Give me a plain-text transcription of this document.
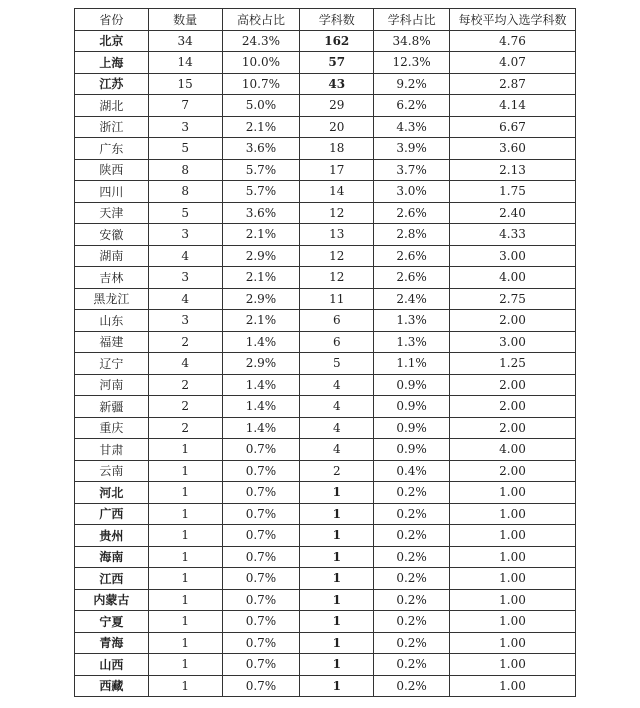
省份	数量	高校占比	学科数	学科占比	每校平均入选学科数
北京	34	24.3%	162	34.8%	4.76
上海	14	10.0%	57	12.3%	4.07
江苏	15	10.7%	43	9.2%	2.87
湖北	7	5.0%	29	6.2%	4.14
浙江	3	2.1%	20	4.3%	6.67
广东	5	3.6%	18	3.9%	3.60
陕西	8	5.7%	17	3.7%	2.13
四川	8	5.7%	14	3.0%	1.75
天津	5	3.6%	12	2.6%	2.40
安徽	3	2.1%	13	2.8%	4.33
湖南	4	2.9%	12	2.6%	3.00
吉林	3	2.1%	12	2.6%	4.00
黑龙江	4	2.9%	11	2.4%	2.75
山东	3	2.1%	6	1.3%	2.00
福建	2	1.4%	6	1.3%	3.00
辽宁	4	2.9%	5	1.1%	1.25
河南	2	1.4%	4	0.9%	2.00
新疆	2	1.4%	4	0.9%	2.00
重庆	2	1.4%	4	0.9%	2.00
甘肃	1	0.7%	4	0.9%	4.00
云南	1	0.7%	2	0.4%	2.00
河北	1	0.7%	1	0.2%	1.00
广西	1	0.7%	1	0.2%	1.00
贵州	1	0.7%	1	0.2%	1.00
海南	1	0.7%	1	0.2%	1.00
江西	1	0.7%	1	0.2%	1.00
内蒙古	1	0.7%	1	0.2%	1.00
宁夏	1	0.7%	1	0.2%	1.00
青海	1	0.7%	1	0.2%	1.00
山西	1	0.7%	1	0.2%	1.00
西藏	1	0.7%	1	0.2%	1.00
